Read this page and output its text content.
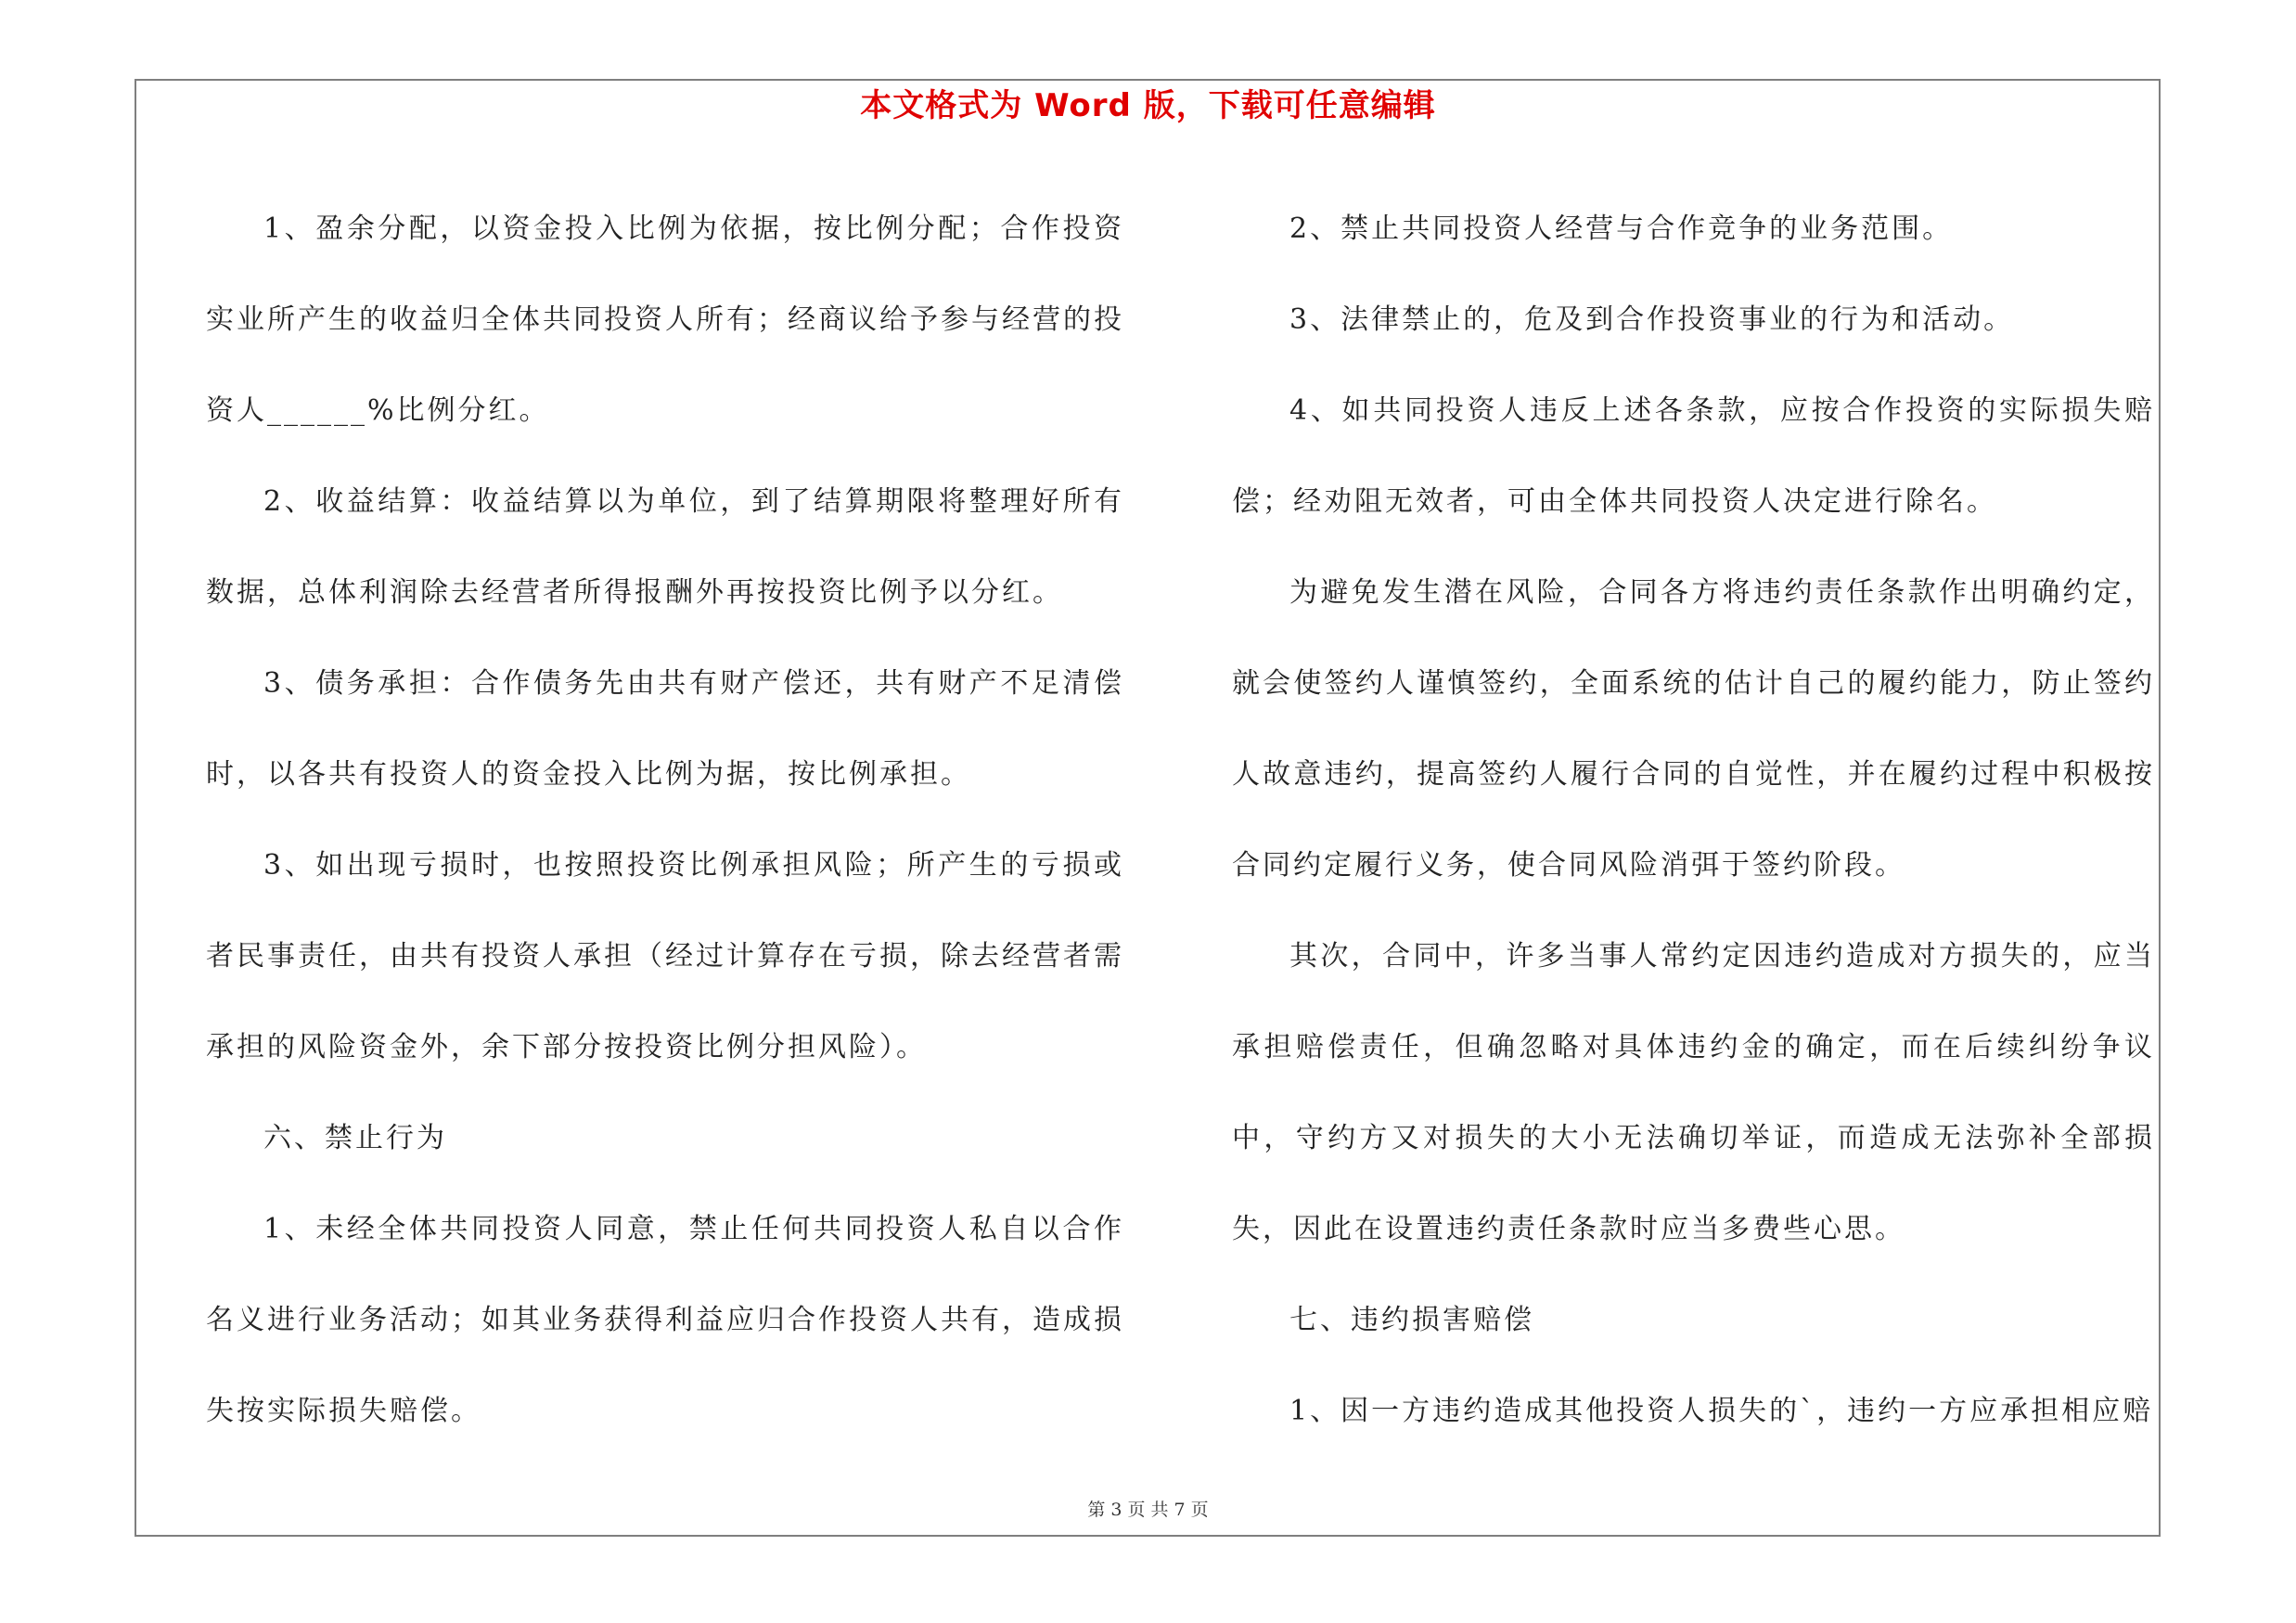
本文格式为 Word 版，下载可任意编辑

1、盈余分配，以资金投入比例为依据，按比例分配；合作投资实业所产生的收益归全体共同投资人所有；经商议给予参与经营的投资人______%比例分红。

2、收益结算：收益结算以为单位，到了结算期限将整理好所有数据，总体利润除去经营者所得报酬外再按投资比例予以分红。

3、债务承担：合作债务先由共有财产偿还，共有财产不足清偿时，以各共有投资人的资金投入比例为据，按比例承担。

3、如出现亏损时，也按照投资比例承担风险；所产生的亏损或者民事责任，由共有投资人承担（经过计算存在亏损，除去经营者需承担的风险资金外，余下部分按投资比例分担风险）。

六、禁止行为

1、未经全体共同投资人同意，禁止任何共同投资人私自以合作名义进行业务活动；如其业务获得利益应归合作投资人共有，造成损失按实际损失赔偿。

2、禁止共同投资人经营与合作竞争的业务范围。

3、法律禁止的，危及到合作投资事业的行为和活动。

4、如共同投资人违反上述各条款，应按合作投资的实际损失赔偿；经劝阻无效者，可由全体共同投资人决定进行除名。

为避免发生潜在风险，合同各方将违约责任条款作出明确约定，就会使签约人谨慎签约，全面系统的估计自己的履约能力，防止签约人故意违约，提高签约人履行合同的自觉性，并在履约过程中积极按合同约定履行义务，使合同风险消弭于签约阶段。

其次，合同中，许多当事人常约定因违约造成对方损失的，应当承担赔偿责任，但确忽略对具体违约金的确定，而在后续纠纷争议中，守约方又对损失的大小无法确切举证，而造成无法弥补全部损失，因此在设置违约责任条款时应当多费些心思。

七、违约损害赔偿

1、因一方违约造成其他投资人损失的`，违约一方应承担相应赔

第 3 页 共 7 页
